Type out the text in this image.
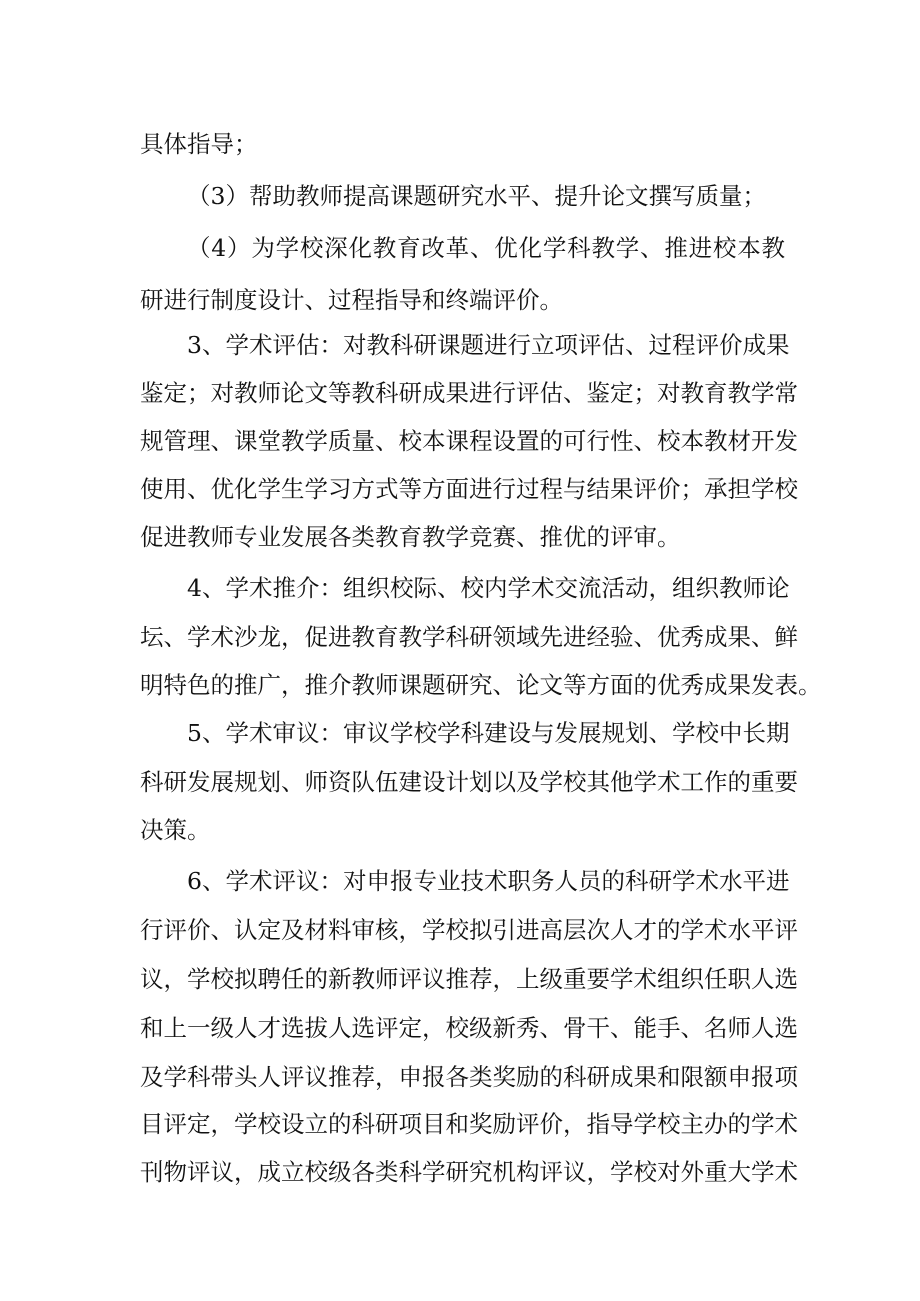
具体指导；
（3）帮助教师提高课题研究水平、提升论文撰写质量；
（4）为学校深化教育改革、优化学科教学、推进校本教
研进行制度设计、过程指导和终端评价。
3、学术评估：对教科研课题进行立项评估、过程评价成果
鉴定；对教师论文等教科研成果进行评估、鉴定；对教育教学常
规管理、课堂教学质量、校本课程设置的可行性、校本教材开发
使用、优化学生学习方式等方面进行过程与结果评价；承担学校
促进教师专业发展各类教育教学竞赛、推优的评审。
4、学术推介：组织校际、校内学术交流活动，组织教师论
坛、学术沙龙，促进教育教学科研领域先进经验、优秀成果、鲜
明特色的推广，推介教师课题研究、论文等方面的优秀成果发表。
5、学术审议：审议学校学科建设与发展规划、学校中长期
科研发展规划、师资队伍建设计划以及学校其他学术工作的重要
决策。
6、学术评议：对申报专业技术职务人员的科研学术水平进
行评价、认定及材料审核，学校拟引进高层次人才的学术水平评
议，学校拟聘任的新教师评议推荐，上级重要学术组织任职人选
和上一级人才选拔人选评定，校级新秀、骨干、能手、名师人选
及学科带头人评议推荐，申报各类奖励的科研成果和限额申报项
目评定，学校设立的科研项目和奖励评价，指导学校主办的学术
刊物评议，成立校级各类科学研究机构评议，学校对外重大学术
